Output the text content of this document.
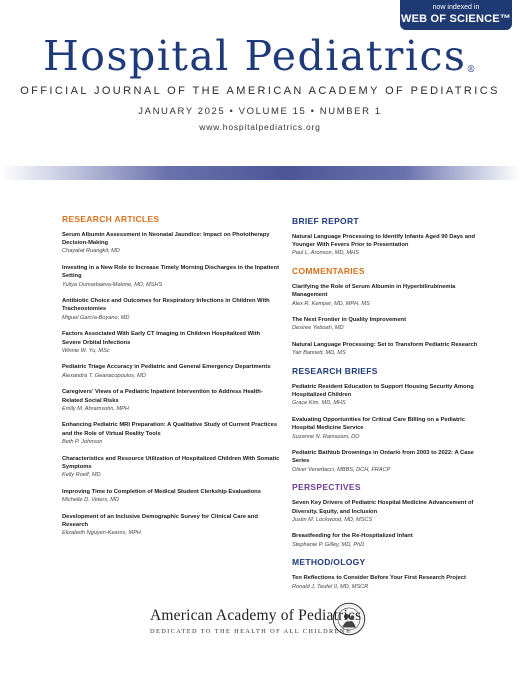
now indexed in
WEB OF SCIENCE™
Hospital Pediatrics®
OFFICIAL JOURNAL OF THE AMERICAN ACADEMY OF PEDIATRICS
JANUARY 2025 • VOLUME 15 • NUMBER 1
www.hospitalpediatrics.org
RESEARCH ARTICLES
Serum Albumin Assessment in Neonatal Jaundice: Impact on Phototherapy Decision-Making
Chayatat Ruangkit, MD
Investing in a New Role to Increase Timely Morning Discharges in the Inpatient Setting
Yuliya Oumarbaeva-Malone, MD, MSHS
Antibiotic Choice and Outcomes for Respiratory Infections in Children With Tracheostomies
Miguel García-Boyano, MD
Factors Associated With Early CT Imaging in Children Hospitalized With Severe Orbital Infections
Winnie W. Yu, MSc
Pediatric Triage Accuracy in Pediatric and General Emergency Departments
Alexandra T. Geanacopoulos, MD
Caregivers' Views of a Pediatric Inpatient Intervention to Address Health-Related Social Risks
Emily M. Abramsohn, MPH
Enhancing Pediatric MRI Preparation: A Qualitative Study of Current Practices and the Role of Virtual Reality Tools
Beth P. Johnson
Characteristics and Resource Utilization of Hospitalized Children With Somatic Symptoms
Kelly Roelf, MD
Improving Time to Completion of Medical Student Clerkship Evaluations
Michelle D. Veters, MD
Development of an Inclusive Demographic Survey for Clinical Care and Research
Elizabeth Nguyen-Kearns, MPH
BRIEF REPORT
Natural Language Processing to Identify Infants Aged 90 Days and Younger With Fevers Prior to Presentation
Paul L. Aronson, MD, MHS
COMMENTARIES
Clarifying the Role of Serum Albumin in Hyperbilirubinemia Management
Alex R. Kemper, MD, MPH, MS
The Next Frontier in Quality Improvement
Desiree Yeboah, MD
Natural Language Processing: Set to Transform Pediatric Research
Yair Bannett, MD, MS
RESEARCH BRIEFS
Pediatric Resident Education to Support Housing Security Among Hospitalized Children
Grace Kim, MD, MHS
Evaluating Opportunities for Critical Care Billing on a Pediatric Hospital Medicine Service
Suzanne N. Ramazani, DO
Pediatric Bathtub Drownings in Ontario from 2003 to 2022: A Case Series
Oliver Venettacci, MBBS, DCH, FRACP
PERSPECTIVES
Seven Key Drivers of Pediatric Hospital Medicine Advancement of Diversity, Equity, and Inclusion
Justin M. Lockwood, MD, MSCS
Breastfeeding for the Re-Hospitalized Infant
Stephanie P. Gilley, MD, PhD
METHOD/OLOGY
Ten Reflections to Consider Before Your First Research Project
Ronald J. Teufel II, MD, MSCR
American Academy of Pediatrics
DEDICATED TO THE HEALTH OF ALL CHILDREN®
